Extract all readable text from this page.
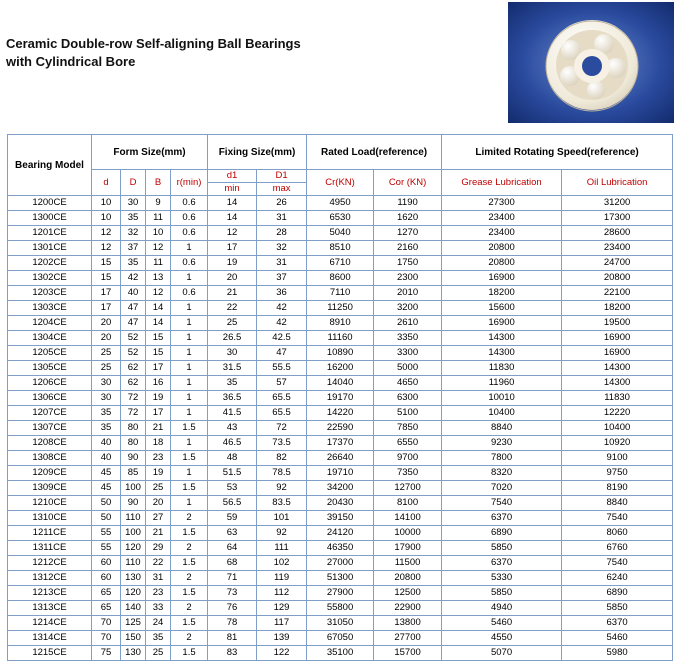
Ceramic Double-row Self-aligning Ball Bearings
with Cylindrical Bore
Bearing Model	Form Size(mm)				Fixing Size(mm)		Rated Load(reference)		Limited Rotating Speed(reference)	
	d	D	B	r(min)	d1	D1	Cr(KN)	Cor (KN)	Grease Lubrication	Oil Lubrication
					min	max				
1200CE	10	30	9	0.6	14	26	4950	1190	27300	31200
1300CE	10	35	11	0.6	14	31	6530	1620	23400	17300
1201CE	12	32	10	0.6	12	28	5040	1270	23400	28600
1301CE	12	37	12	1	17	32	8510	2160	20800	23400
1202CE	15	35	11	0.6	19	31	6710	1750	20800	24700
1302CE	15	42	13	1	20	37	8600	2300	16900	20800
1203CE	17	40	12	0.6	21	36	7110	2010	18200	22100
1303CE	17	47	14	1	22	42	11250	3200	15600	18200
1204CE	20	47	14	1	25	42	8910	2610	16900	19500
1304CE	20	52	15	1	26.5	42.5	11160	3350	14300	16900
1205CE	25	52	15	1	30	47	10890	3300	14300	16900
1305CE	25	62	17	1	31.5	55.5	16200	5000	11830	14300
1206CE	30	62	16	1	35	57	14040	4650	11960	14300
1306CE	30	72	19	1	36.5	65.5	19170	6300	10010	11830
1207CE	35	72	17	1	41.5	65.5	14220	5100	10400	12220
1307CE	35	80	21	1.5	43	72	22590	7850	8840	10400
1208CE	40	80	18	1	46.5	73.5	17370	6550	9230	10920
1308CE	40	90	23	1.5	48	82	26640	9700	7800	9100
1209CE	45	85	19	1	51.5	78.5	19710	7350	8320	9750
1309CE	45	100	25	1.5	53	92	34200	12700	7020	8190
1210CE	50	90	20	1	56.5	83.5	20430	8100	7540	8840
1310CE	50	110	27	2	59	101	39150	14100	6370	7540
1211CE	55	100	21	1.5	63	92	24120	10000	6890	8060
1311CE	55	120	29	2	64	111	46350	17900	5850	6760
1212CE	60	110	22	1.5	68	102	27000	11500	6370	7540
1312CE	60	130	31	2	71	119	51300	20800	5330	6240
1213CE	65	120	23	1.5	73	112	27900	12500	5850	6890
1313CE	65	140	33	2	76	129	55800	22900	4940	5850
1214CE	70	125	24	1.5	78	117	31050	13800	5460	6370
1314CE	70	150	35	2	81	139	67050	27700	4550	5460
1215CE	75	130	25	1.5	83	122	35100	15700	5070	5980
